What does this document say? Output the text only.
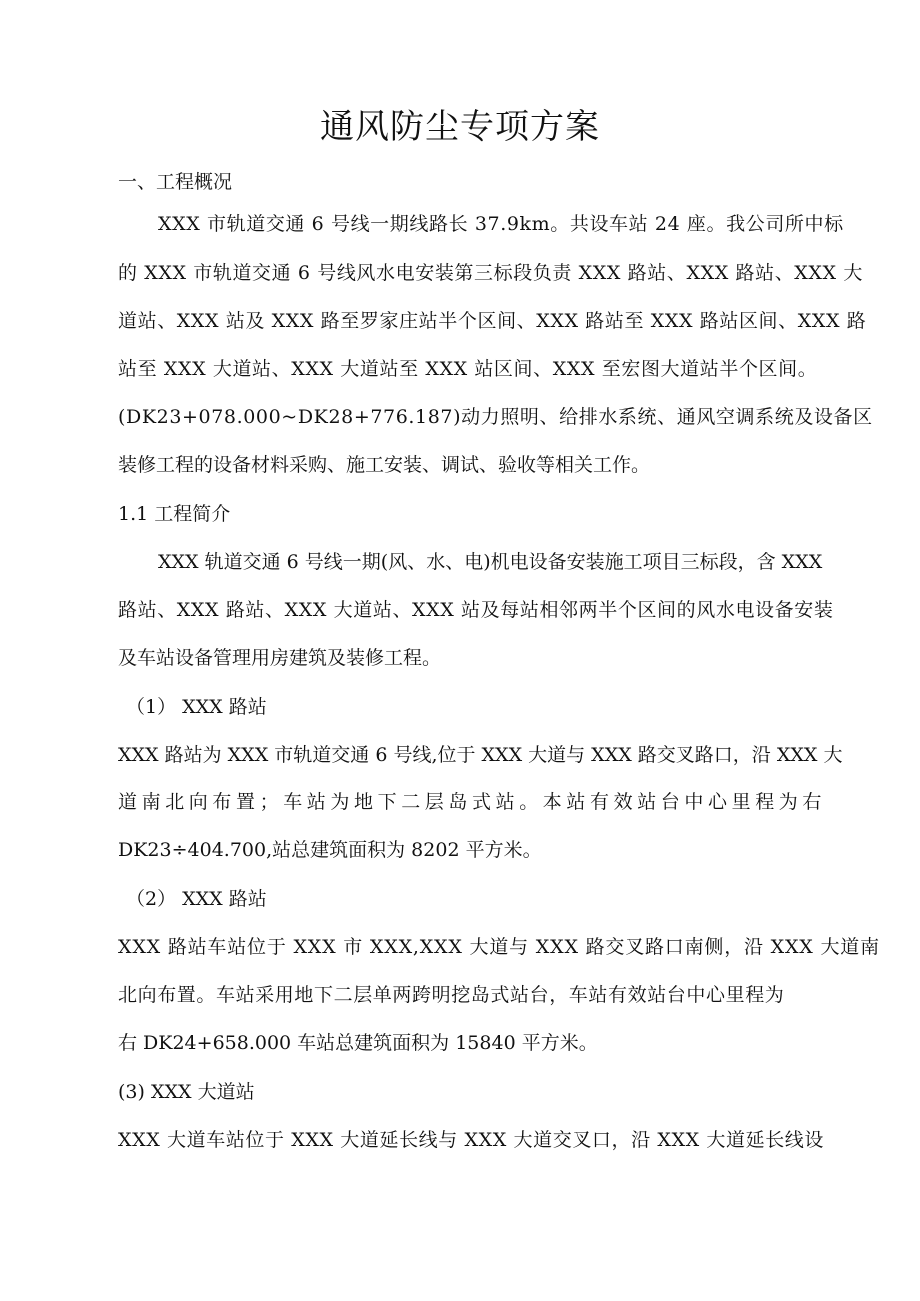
通风防尘专项方案
一、工程概况
XXX 市轨道交通 6 号线一期线路长 37.9km。共设车站 24 座。我公司所中标
的 XXX 市轨道交通 6 号线风水电安装第三标段负责 XXX 路站、XXX 路站、XXX 大
道站、XXX 站及 XXX 路至罗家庄站半个区间、XXX 路站至 XXX 路站区间、XXX 路
站至 XXX 大道站、XXX 大道站至 XXX 站区间、XXX 至宏图大道站半个区间。
(DK23+078.000~DK28+776.187)动力照明、给排水系统、通风空调系统及设备区
装修工程的设备材料采购、施工安装、调试、验收等相关工作。
1.1 工程简介
XXX 轨道交通 6 号线一期(风、水、电)机电设备安装施工项目三标段，含 XXX
路站、XXX 路站、XXX 大道站、XXX 站及每站相邻两半个区间的风水电设备安装
及车站设备管理用房建筑及装修工程。
（1） XXX 路站
XXX 路站为 XXX 市轨道交通 6 号线,位于 XXX 大道与 XXX 路交叉路口，沿 XXX 大
道南北向布置；车站为地下二层岛式站。本站有效站台中心里程为右
DK23÷404.700,站总建筑面积为 8202 平方米。
（2） XXX 路站
XXX 路站车站位于 XXX 市 XXX,XXX 大道与 XXX 路交叉路口南侧，沿 XXX 大道南
北向布置。车站采用地下二层单两跨明挖岛式站台，车站有效站台中心里程为
右 DK24+658.000 车站总建筑面积为 15840 平方米。
(3) XXX 大道站
XXX 大道车站位于 XXX 大道延长线与 XXX 大道交叉口，沿 XXX 大道延长线设
